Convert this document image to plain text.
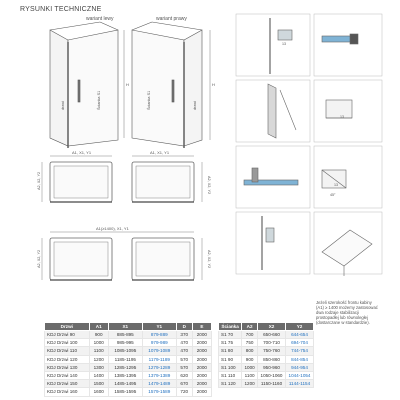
RYSUNKI TECHNICZNE
wariant lewy	wariant prawy
A1, X1, Y1	A1, X1, Y1
A1(≥1400), X1, Y1
A2, X2, Y2	A2, X2, Y2
A2, X2, Y2	A2, X2, Y2
drzwi	Ścianka S1	Ścianka S1	drzwi
H	H
13
13
45°
13
Jeżeli szerokość frontu kabiny (A1) ≥ 1400 możemy zastosować dwa rodzaje stabilizacji prostopadłej lub równoległej (dostarczane w standardzie).
Drzwi	A1	X1	Y1	D	E
KDJ Drzwi 90	900	885-895	879-889	370	2000
KDJ Drzwi 100	1000	985-995	979-989	470	2000
KDJ Drzwi 110	1100	1085-1095	1079-1089	470	2000
KDJ Drzwi 120	1200	1185-1195	1179-1189	570	2000
KDJ Drzwi 130	1300	1285-1295	1279-1289	570	2000
KDJ Drzwi 140	1400	1385-1395	1379-1389	620	2000
KDJ Drzwi 150	1500	1485-1495	1479-1489	670	2000
KDJ Drzwi 160	1600	1585-1595	1579-1589	720	2000
Ścianka	A2	X2	Y2
S1 70	700	650-660	644-654
S1 75	750	700-710	694-704
S1 80	800	750-760	744-754
S1 90	900	850-860	844-854
S1 100	1000	950-960	944-954
S1 110	1100	1050-1060	1044-1054
S1 120	1200	1150-1160	1144-1154
